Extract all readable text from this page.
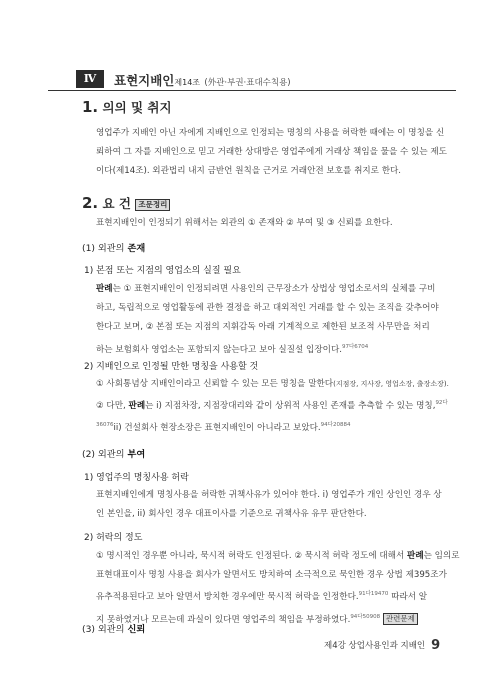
Ⅳ	표현지배인제14조 (外관·부권·표대수칙용)
1. 의의 및 취지
영업주가 지배인 아닌 자에게 지배인으로 인정되는 명칭의 사용을 허락한 때에는 이 명칭을 신
뢰하여 그 자를 지배인으로 믿고 거래한 상대방은 영업주에게 거래상 책임을 물을 수 있는 제도
이다(제14조). 외관법리 내지 금반언 원칙을 근거로 거래안전 보호를 취지로 한다.
2. 요 건 조문정리
표현지배인이 인정되기 위해서는 외관의 ① 존재와 ② 부여 및 ③ 신뢰를 요한다.
(1) 외관의 존재
1) 본점 또는 지점의 영업소의 실질 필요
판례는 ① 표현지배인이 인정되려면 사용인의 근무장소가 상법상 영업소로서의 실체를 구비
하고, 독립적으로 영업활동에 관한 결정을 하고 대외적인 거래를 할 수 있는 조직을 갖추어야
한다고 보며, ② 본점 또는 지점의 지휘감독 아래 기계적으로 제한된 보조적 사무만을 처리
하는 보험회사 영업소는 포함되지 않는다고 보아 실질설 입장이다.$^{97다6704}$
2) 지배인으로 인정될 만한 명칭을 사용할 것
① 사회통념상 지배인이라고 신뢰할 수 있는 모든 명칭을 말한다(지점장, 지사장, 영업소장, 출장소장).
② 다만, 판례는 i) 지점차장, 지점장대리와 같이 상위적 사용인 존재를 추측할 수 있는 명칭,$^{92다}$
$^{36076}$ii) 건설회사 현장소장은 표현지배인이 아니라고 보았다.$^{94다20884}$
(2) 외관의 부여
1) 영업주의 명칭사용 허락
표현지배인에게 명칭사용을 허락한 귀책사유가 있어야 한다. i) 영업주가 개인 상인인 경우 상
인 본인을, ii) 회사인 경우 대표이사를 기준으로 귀책사유 유무 판단한다.
2) 허락의 정도
① 명시적인 경우뿐 아니라, 묵시적 허락도 인정된다. ② 묵시적 허락 정도에 대해서 판례는 임의로
표현대표이사 명칭 사용을 회사가 알면서도 방치하여 소극적으로 묵인한 경우 상법 제395조가
유추적용된다고 보아 알면서 방치한 경우에만 묵시적 허락을 인정한다.$^{91다19470}$ 따라서 알
지 못하였거나 모르는데 과실이 있다면 영업주의 책임을 부정하였다.$^{94다50908}$ 관련문제
(3) 외관의 신뢰
제4강 상업사용인과 지배인 9
